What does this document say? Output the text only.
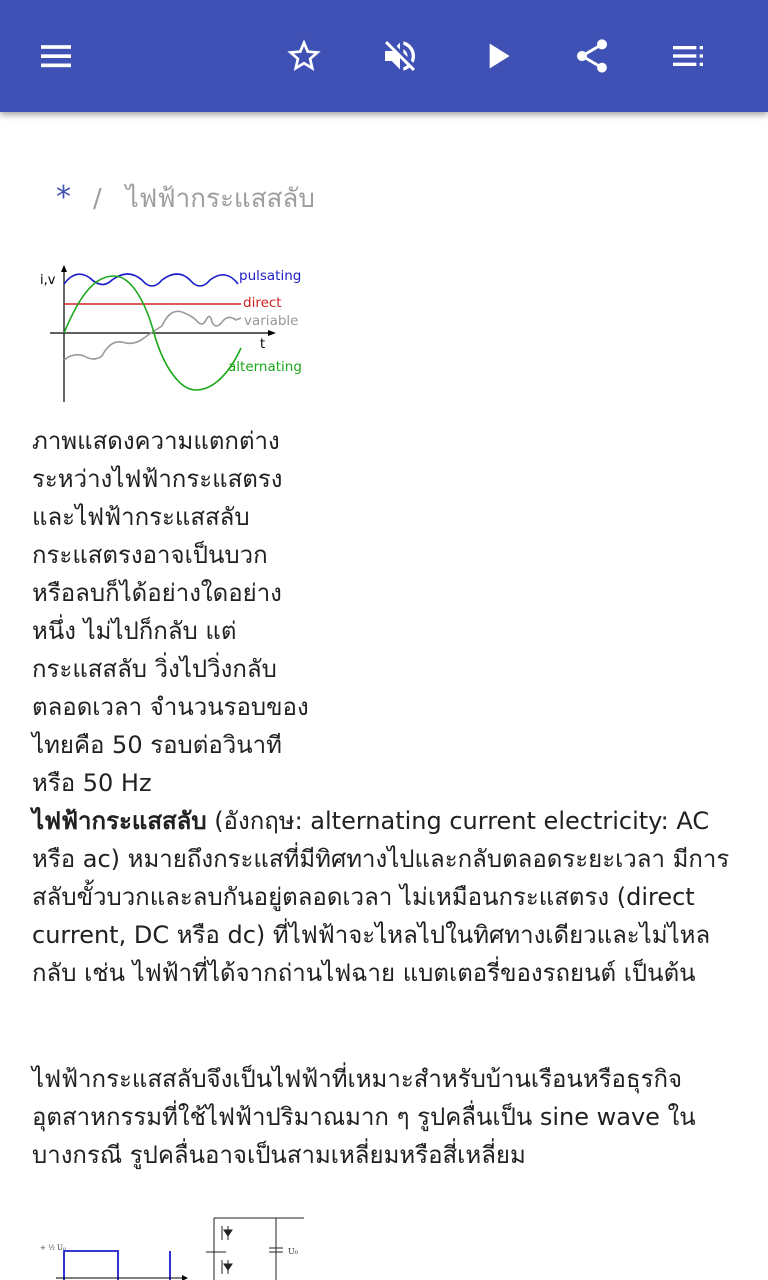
* / ไฟฟ้ากระแสสลับ
i,v
t
pulsating
direct
variable
alternating
ภาพแสดงความแตกต่าง
ระหว่างไฟฟ้ากระแสตรง
และไฟฟ้ากระแสสลับ
กระแสตรงอาจเป็นบวก
หรือลบก็ได้อย่างใดอย่าง
หนึ่ง ไม่ไปก็กลับ แต่
กระแสสลับ วิ่งไปวิ่งกลับ
ตลอดเวลา จำนวนรอบของ
ไทยคือ 50 รอบต่อวินาที
หรือ 50 Hz

ไฟฟ้ากระแสสลับ (อังกฤษ: alternating current electricity: AC หรือ ac) หมายถึงกระแสที่มีทิศทางไปและกลับตลอดระยะเวลา มีการสลับขั้วบวกและลบกันอยู่ตลอดเวลา ไม่เหมือนกระแสตรง (direct current, DC หรือ dc) ที่ไฟฟ้าจะไหลไปในทิศทางเดียวและไม่ไหลกลับ เช่น ไฟฟ้าที่ได้จากถ่านไฟฉาย แบตเตอรี่ของรถยนต์ เป็นต้น

ไฟฟ้ากระแสสลับจึงเป็นไฟฟ้าที่เหมาะสำหรับบ้านเรือนหรือธุรกิจอุตสาหกรรมที่ใช้ไฟฟ้าปริมาณมาก ๆ รูปคลื่นเป็น sine wave ในบางกรณี รูปคลื่นอาจเป็นสามเหลี่ยมหรือสี่เหลี่ยม

+ ½ U₀	U₀
